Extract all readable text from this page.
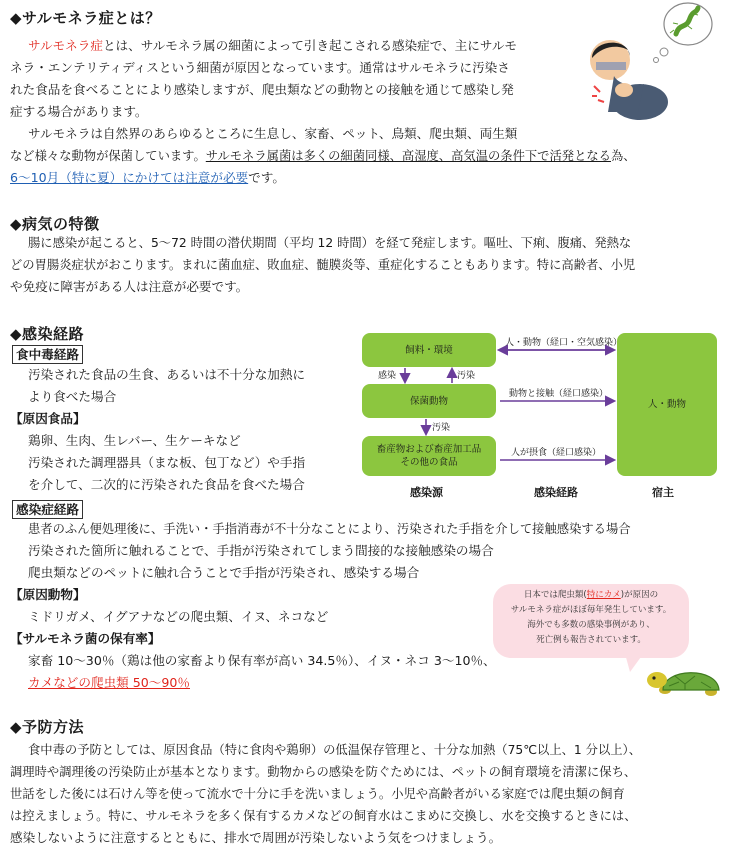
◆サルモネラ症とは？
サルモネラ症とは、サルモネラ属の細菌によって引き起こされる感染症で、主にサルモ
ネラ・エンテリティディスという細菌が原因となっています。通常はサルモネラに汚染さ
れた食品を食べることにより感染しますが、爬虫類などの動物との接触を通じて感染し発
症する場合があります。
サルモネラは自然界のあらゆるところに生息し、家畜、ペット、鳥類、爬虫類、両生類
など様々な動物が保菌しています。サルモネラ属菌は多くの細菌同様、高湿度、高気温の条件下で活発となる為、
6～10月（特に夏）にかけては注意が必要です。
◆病気の特徴
腸に感染が起こると、5～72 時間の潜伏期間（平均 12 時間）を経て発症します。嘔吐、下痢、腹痛、発熱な
どの胃腸炎症状がおこります。まれに菌血症、敗血症、髄膜炎等、重症化することもあります。特に高齢者、小児
や免疫に障害がある人は注意が必要です。
◆感染経路
食中毒経路
汚染された食品の生食、あるいは不十分な加熱に
より食べた場合
【原因食品】
鶏卵、生肉、生レバー、生ケーキなど
汚染された調理器具（まな板、包丁など）や手指
を介して、二次的に汚染された食品を食べた場合
感染症経路
患者のふん便処理後に、手洗い・手指消毒が不十分なことにより、汚染された手指を介して接触感染する場合
汚染された箇所に触れることで、手指が汚染されてしまう間接的な接触感染の場合
爬虫類などのペットに触れ合うことで手指が汚染され、感染する場合
【原因動物】
ミドリガメ、イグアナなどの爬虫類、イヌ、ネコなど
【サルモネラ菌の保有率】
家畜 10～30％（鶏は他の家畜より保有率が高い 34.5％）、イヌ・ネコ 3～10％、
カメなどの爬虫類 50～90％
飼料・環境
保菌動物
畜産物および畜産加工品
その他の食品
人・動物
感染	汚染
汚染
人・動物（経口・空気感染）
動物と接触（経口感染）
人が摂食（経口感染）
感染源	感染経路	宿主
日本では爬虫類(特にカメ)が原因の
サルモネラ症がほぼ毎年発生しています。
海外でも多数の感染事例があり、
死亡例も報告されています。
◆予防方法
食中毒の予防としては、原因食品（特に食肉や鶏卵）の低温保存管理と、十分な加熱（75℃以上、1 分以上）、
調理時や調理後の汚染防止が基本となります。動物からの感染を防ぐためには、ペットの飼育環境を清潔に保ち、
世話をした後には石けん等を使って流水で十分に手を洗いましょう。小児や高齢者がいる家庭では爬虫類の飼育
は控えましょう。特に、サルモネラを多く保有するカメなどの飼育水はこまめに交換し、水を交換するときには、
感染しないように注意するとともに、排水で周囲が汚染しないよう気をつけましょう。
